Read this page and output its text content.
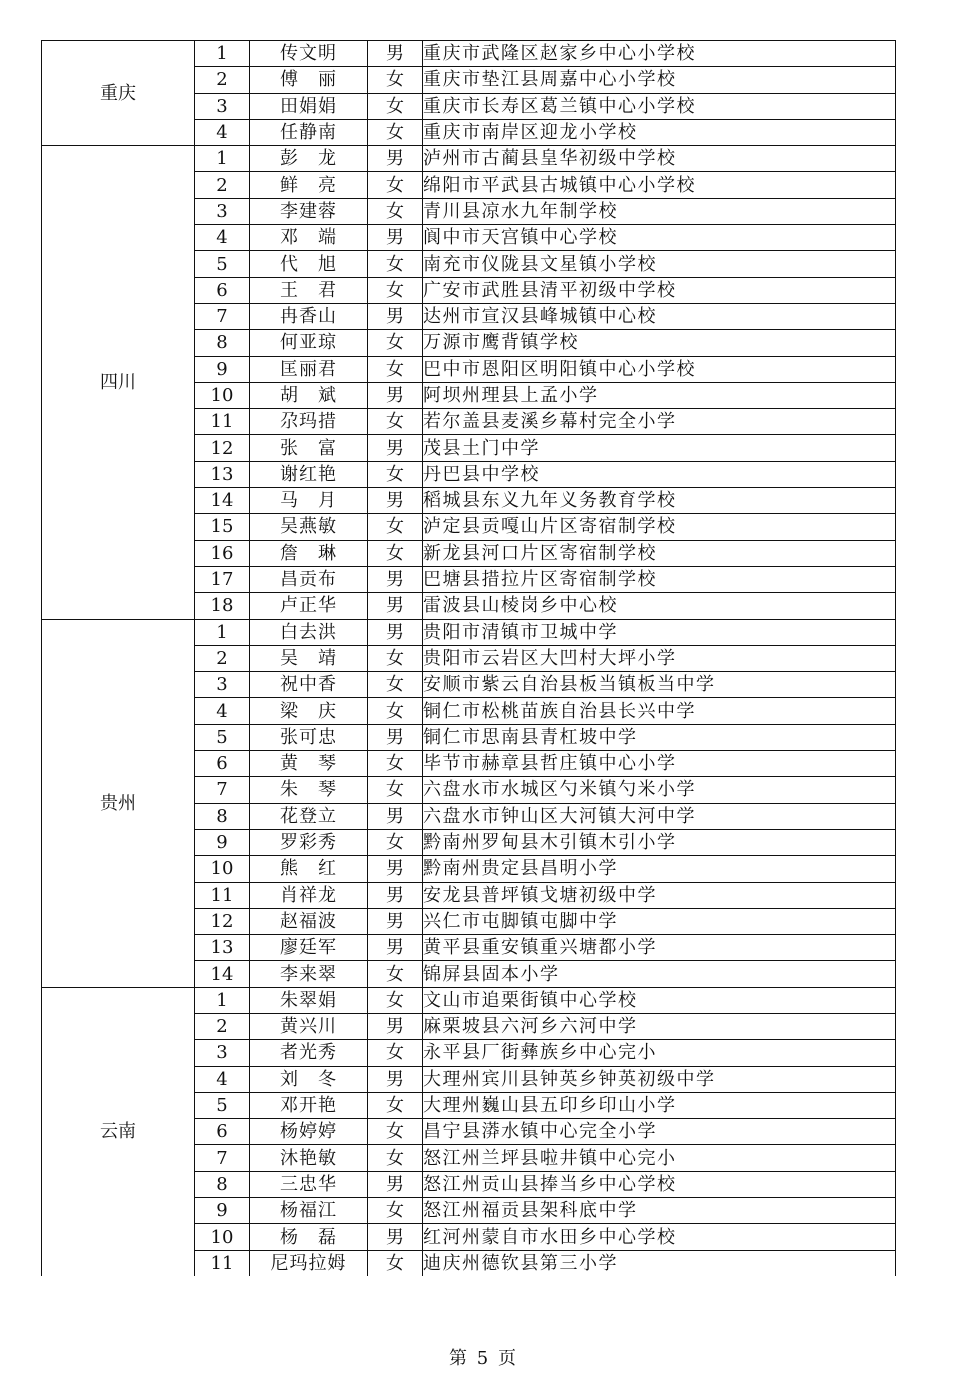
重庆	1	传文明	男	重庆市武隆区赵家乡中心小学校
	2	傅　丽	女	重庆市垫江县周嘉中心小学校
	3	田娟娟	女	重庆市长寿区葛兰镇中心小学校
	4	任静南	女	重庆市南岸区迎龙小学校
四川	1	彭　龙	男	泸州市古蔺县皇华初级中学校
	2	鲜　亮	女	绵阳市平武县古城镇中心小学校
	3	李建蓉	女	青川县凉水九年制学校
	4	邓　端	男	阆中市天宫镇中心学校
	5	代　旭	女	南充市仪陇县文星镇小学校
	6	王　君	女	广安市武胜县清平初级中学校
	7	冉香山	男	达州市宣汉县峰城镇中心校
	8	何亚琼	女	万源市鹰背镇学校
	9	匡丽君	女	巴中市恩阳区明阳镇中心小学校
	10	胡　斌	男	阿坝州理县上孟小学
	11	尕玛措	女	若尔盖县麦溪乡幕村完全小学
	12	张　富	男	茂县土门中学
	13	谢红艳	女	丹巴县中学校
	14	马　月	男	稻城县东义九年义务教育学校
	15	吴燕敏	女	泸定县贡嘎山片区寄宿制学校
	16	詹　琳	女	新龙县河口片区寄宿制学校
	17	昌贡布	男	巴塘县措拉片区寄宿制学校
	18	卢正华	男	雷波县山棱岗乡中心校
贵州	1	白去洪	男	贵阳市清镇市卫城中学
	2	吴　靖	女	贵阳市云岩区大凹村大坪小学
	3	祝中香	女	安顺市紫云自治县板当镇板当中学
	4	梁　庆	女	铜仁市松桃苗族自治县长兴中学
	5	张可忠	男	铜仁市思南县青杠坡中学
	6	黄　琴	女	毕节市赫章县哲庄镇中心小学
	7	朱　琴	女	六盘水市水城区勺米镇勺米小学
	8	花登立	男	六盘水市钟山区大河镇大河中学
	9	罗彩秀	女	黔南州罗甸县木引镇木引小学
	10	熊　红	男	黔南州贵定县昌明小学
	11	肖祥龙	男	安龙县普坪镇戈塘初级中学
	12	赵福波	男	兴仁市屯脚镇屯脚中学
	13	廖廷军	男	黄平县重安镇重兴塘都小学
	14	李来翠	女	锦屏县固本小学
云南	1	朱翠娟	女	文山市追栗街镇中心学校
	2	黄兴川	男	麻栗坡县六河乡六河中学
	3	者光秀	女	永平县厂街彝族乡中心完小
	4	刘　冬	男	大理州宾川县钟英乡钟英初级中学
	5	邓开艳	女	大理州巍山县五印乡印山小学
	6	杨婷婷	女	昌宁县漭水镇中心完全小学
	7	沐艳敏	女	怒江州兰坪县啦井镇中心完小
	8	三忠华	男	怒江州贡山县捧当乡中心学校
	9	杨福江	女	怒江州福贡县架科底中学
	10	杨　磊	男	红河州蒙自市水田乡中心学校
	11	尼玛拉姆	女	迪庆州德钦县第三小学
第 5 页
